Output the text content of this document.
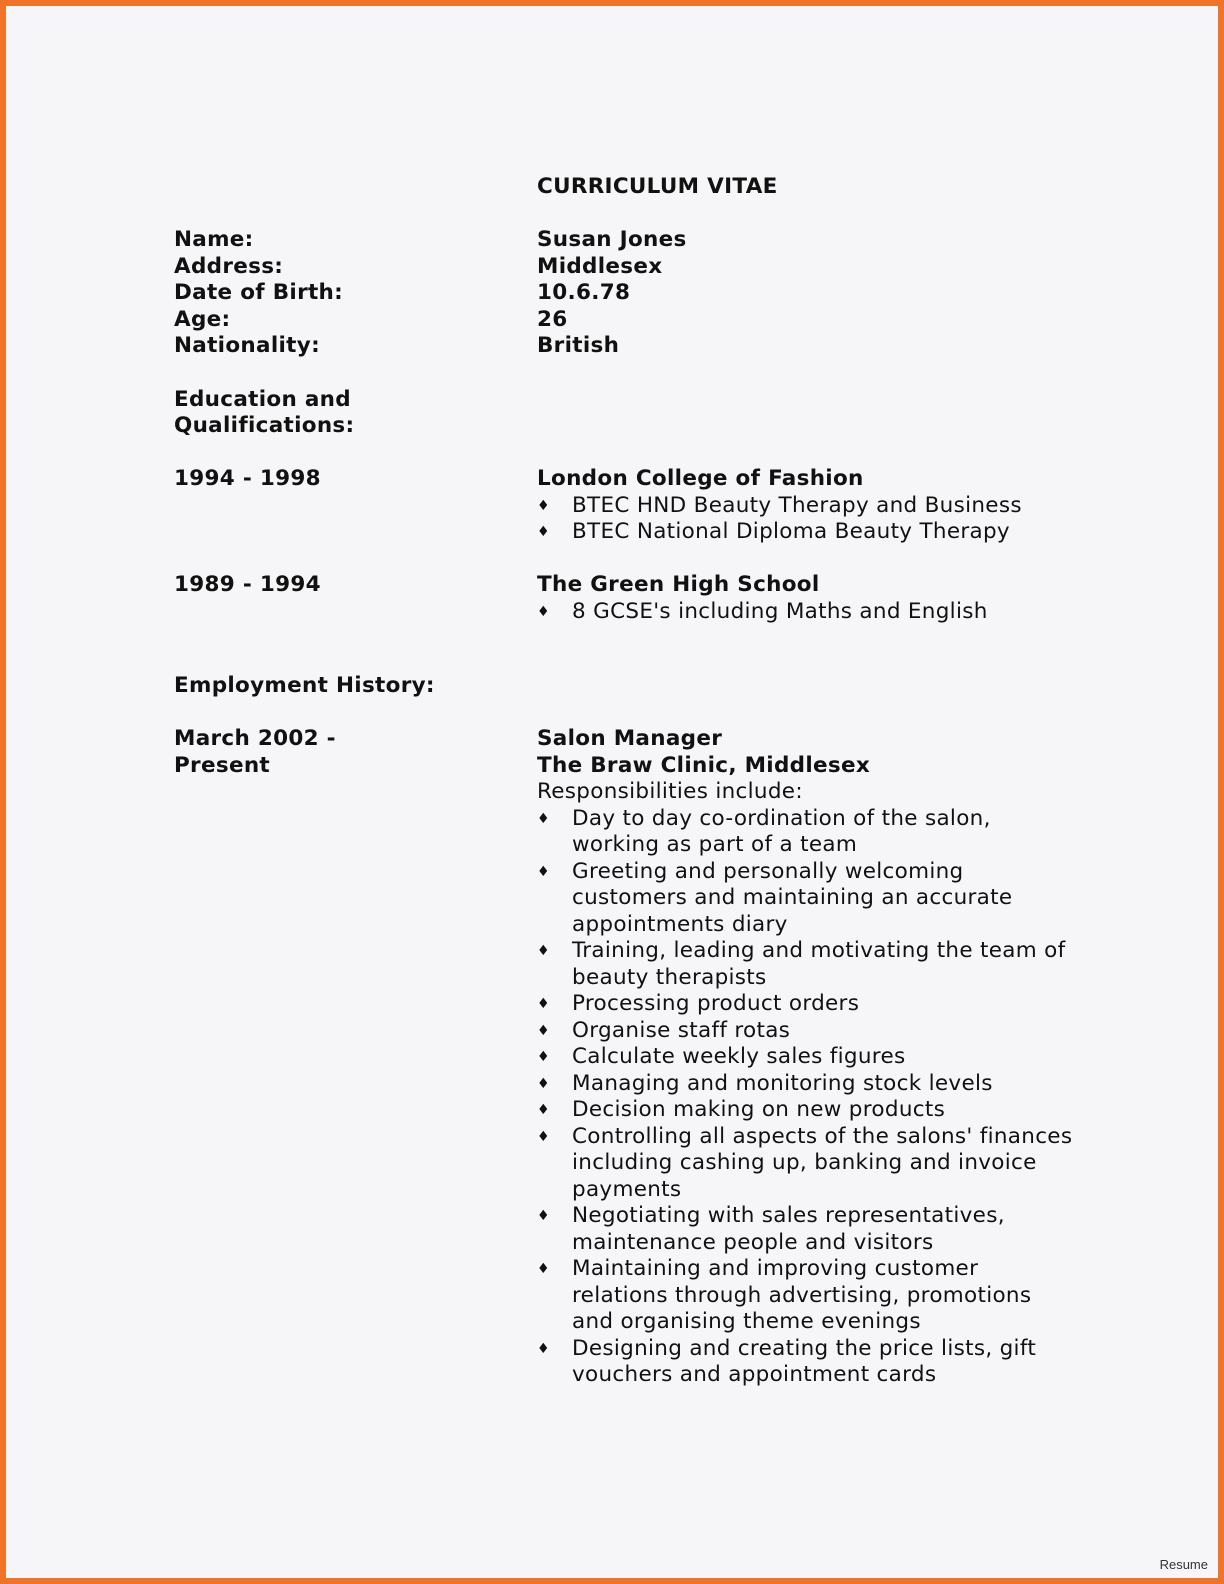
CURRICULUM VITAE
Name:	Susan Jones
Address:	Middlesex
Date of Birth:	10.6.78
Age:	26
Nationality:	British
Education and
Qualifications:
1994 - 1998	London College of Fashion
♦	BTEC HND Beauty Therapy and Business
♦	BTEC National Diploma Beauty Therapy
1989 - 1994	The Green High School
♦	8 GCSE's including Maths and English
Employment History:
March 2002 -
Present
Salon Manager
The Braw Clinic, Middlesex
Responsibilities include:
♦	Day to day co-ordination of the salon,
working as part of a team
♦	Greeting and personally welcoming
customers and maintaining an accurate
appointments diary
♦	Training, leading and motivating the team of
beauty therapists
♦	Processing product orders
♦	Organise staff rotas
♦	Calculate weekly sales figures
♦	Managing and monitoring stock levels
♦	Decision making on new products
♦	Controlling all aspects of the salons' finances
including cashing up, banking and invoice
payments
♦	Negotiating with sales representatives,
maintenance people and visitors
♦	Maintaining and improving customer
relations through advertising, promotions
and organising theme evenings
♦	Designing and creating the price lists, gift
vouchers and appointment cards
Resume
